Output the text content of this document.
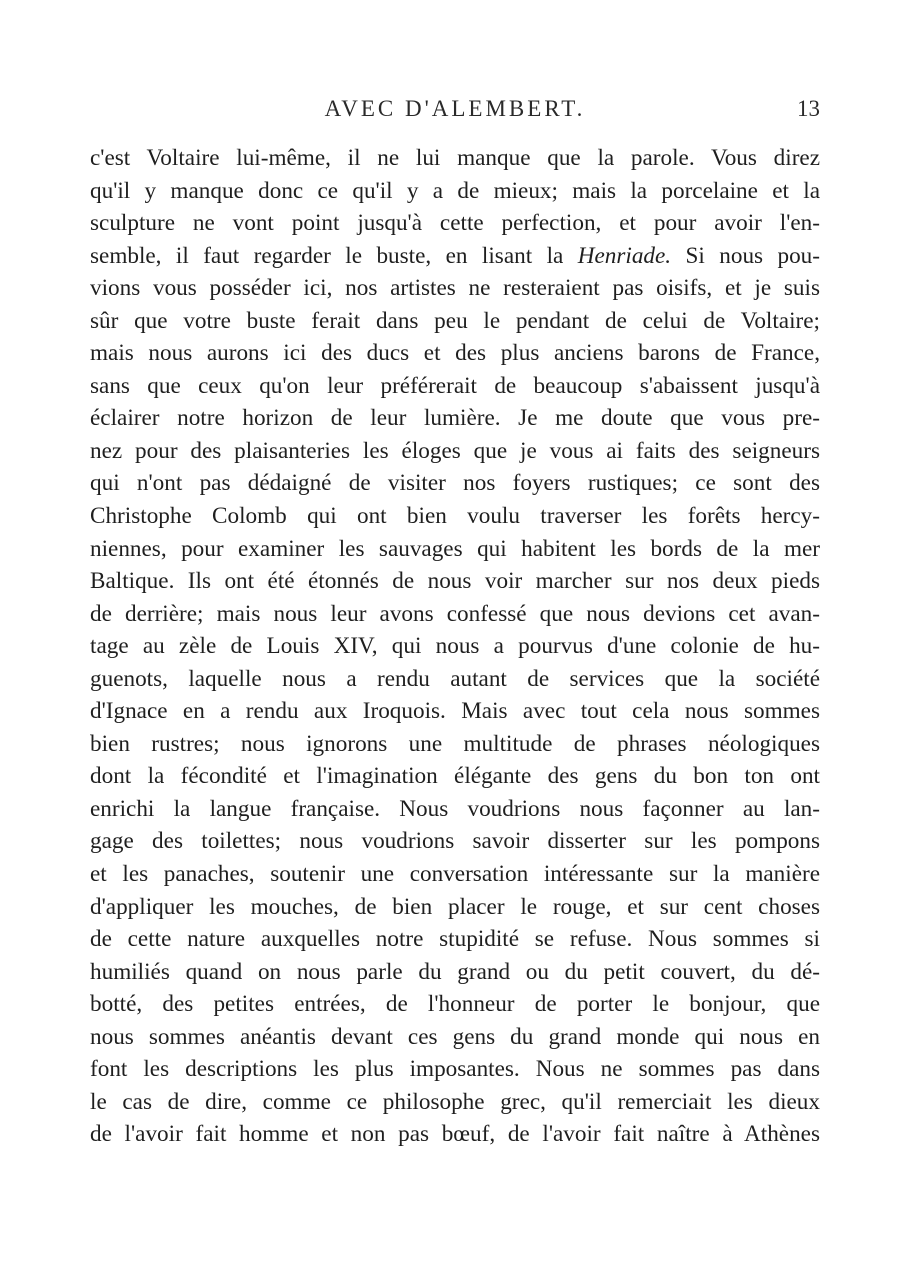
AVEC D'ALEMBERT.	13
c'est Voltaire lui-même, il ne lui manque que la parole. Vous direz
qu'il y manque donc ce qu'il y a de mieux; mais la porcelaine et la
sculpture ne vont point jusqu'à cette perfection, et pour avoir l'en-
semble, il faut regarder le buste, en lisant la Henriade. Si nous pou-
vions vous posséder ici, nos artistes ne resteraient pas oisifs, et je suis
sûr que votre buste ferait dans peu le pendant de celui de Voltaire;
mais nous aurons ici des ducs et des plus anciens barons de France,
sans que ceux qu'on leur préférerait de beaucoup s'abaissent jusqu'à
éclairer notre horizon de leur lumière. Je me doute que vous pre-
nez pour des plaisanteries les éloges que je vous ai faits des seigneurs
qui n'ont pas dédaigné de visiter nos foyers rustiques; ce sont des
Christophe Colomb qui ont bien voulu traverser les forêts hercy-
niennes, pour examiner les sauvages qui habitent les bords de la mer
Baltique. Ils ont été étonnés de nous voir marcher sur nos deux pieds
de derrière; mais nous leur avons confessé que nous devions cet avan-
tage au zèle de Louis XIV, qui nous a pourvus d'une colonie de hu-
guenots, laquelle nous a rendu autant de services que la société
d'Ignace en a rendu aux Iroquois. Mais avec tout cela nous sommes
bien rustres; nous ignorons une multitude de phrases néologiques
dont la fécondité et l'imagination élégante des gens du bon ton ont
enrichi la langue française. Nous voudrions nous façonner au lan-
gage des toilettes; nous voudrions savoir disserter sur les pompons
et les panaches, soutenir une conversation intéressante sur la manière
d'appliquer les mouches, de bien placer le rouge, et sur cent choses
de cette nature auxquelles notre stupidité se refuse. Nous sommes si
humiliés quand on nous parle du grand ou du petit couvert, du dé-
botté, des petites entrées, de l'honneur de porter le bonjour, que
nous sommes anéantis devant ces gens du grand monde qui nous en
font les descriptions les plus imposantes. Nous ne sommes pas dans
le cas de dire, comme ce philosophe grec, qu'il remerciait les dieux
de l'avoir fait homme et non pas bœuf, de l'avoir fait naître à Athènes
